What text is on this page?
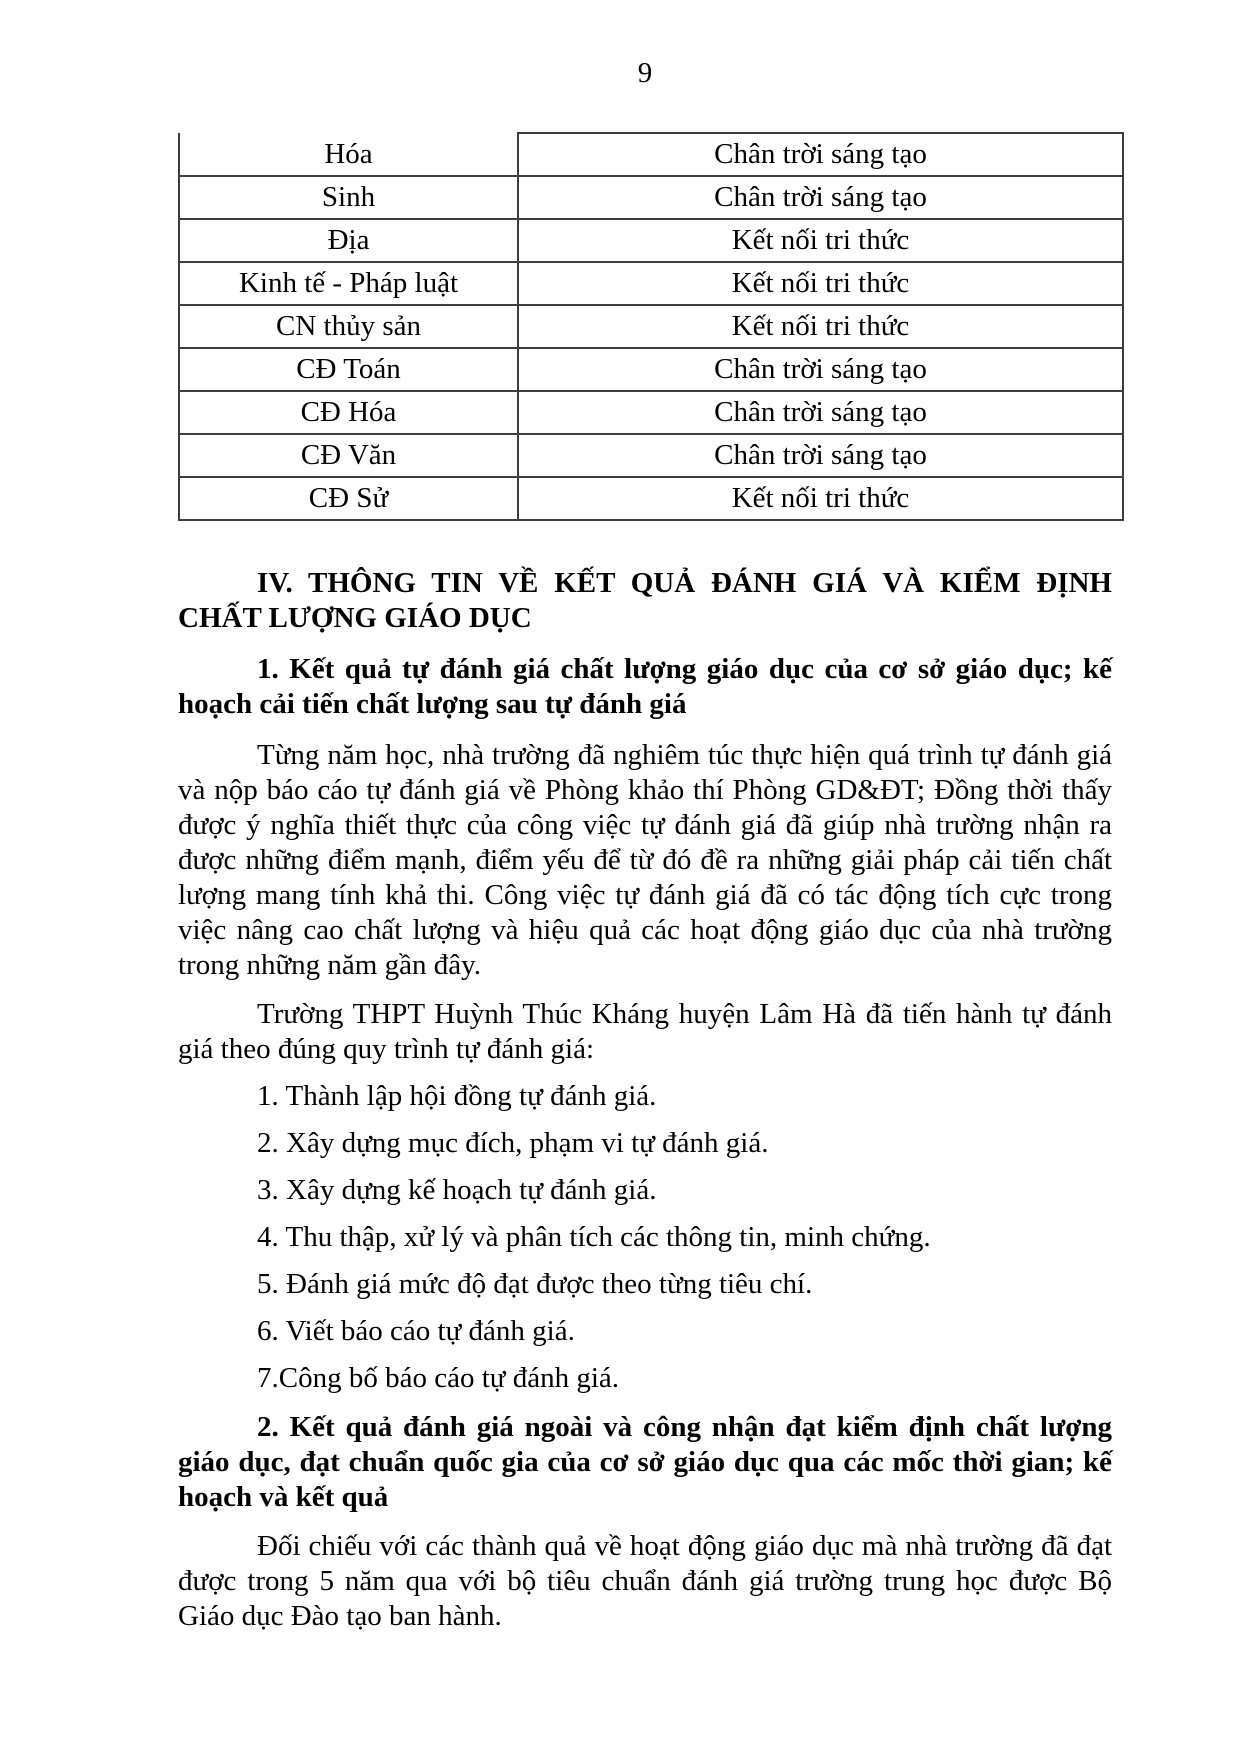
9
Hóa	Chân trời sáng tạo
Sinh	Chân trời sáng tạo
Địa	Kết nối tri thức
Kinh tế - Pháp luật	Kết nối tri thức
CN thủy sản	Kết nối tri thức
CĐ Toán	Chân trời sáng tạo
CĐ Hóa	Chân trời sáng tạo
CĐ Văn	Chân trời sáng tạo
CĐ Sử	Kết nối tri thức
IV. THÔNG TIN VỀ KẾT QUẢ ĐÁNH GIÁ VÀ KIỂM ĐỊNH CHẤT LƯỢNG GIÁO DỤC
1. Kết quả tự đánh giá chất lượng giáo dục của cơ sở giáo dục; kế hoạch cải tiến chất lượng sau tự đánh giá
Từng năm học, nhà trường đã nghiêm túc thực hiện quá trình tự đánh giá và nộp báo cáo tự đánh giá về Phòng khảo thí Phòng GD&ĐT; Đồng thời thấy được ý nghĩa thiết thực của công việc tự đánh giá đã giúp nhà trường nhận ra được những điểm mạnh, điểm yếu để từ đó đề ra những giải pháp cải tiến chất lượng mang tính khả thi. Công việc tự đánh giá đã có tác động tích cực trong việc nâng cao chất lượng và hiệu quả các hoạt động giáo dục của nhà trường trong những năm gần đây.
Trường THPT Huỳnh Thúc Kháng huyện Lâm Hà đã tiến hành tự đánh giá theo đúng quy trình tự đánh giá:
1. Thành lập hội đồng tự đánh giá.
2. Xây dựng mục đích, phạm vi tự đánh giá.
3. Xây dựng kế hoạch tự đánh giá.
4. Thu thập, xử lý và phân tích các thông tin, minh chứng.
5. Đánh giá mức độ đạt được theo từng tiêu chí.
6. Viết báo cáo tự đánh giá.
7.Công bố báo cáo tự đánh giá.
2. Kết quả đánh giá ngoài và công nhận đạt kiểm định chất lượng giáo dục, đạt chuẩn quốc gia của cơ sở giáo dục qua các mốc thời gian; kế hoạch và kết quả
Đối chiếu với các thành quả về hoạt động giáo dục mà nhà trường đã đạt được trong 5 năm qua với bộ tiêu chuẩn đánh giá trường trung học được Bộ Giáo dục Đào tạo ban hành.
